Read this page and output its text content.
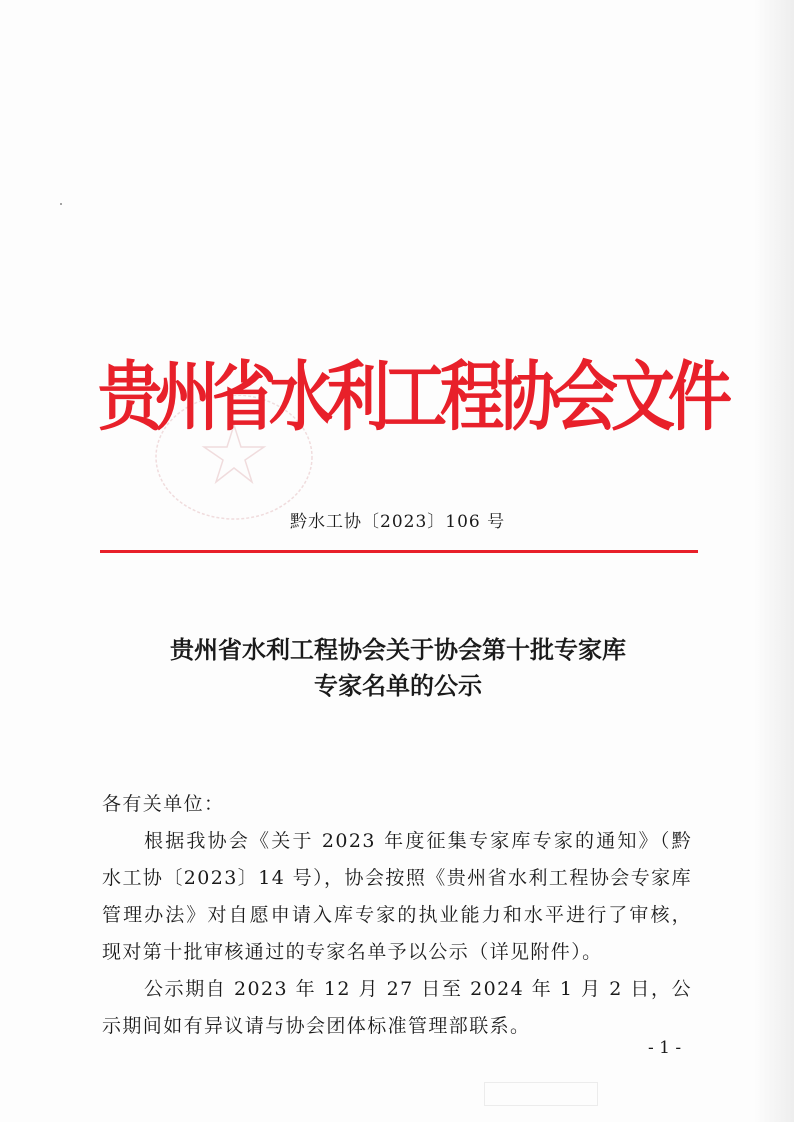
贵州省水利工程协会文件
黔水工协〔2023〕106 号
贵州省水利工程协会关于协会第十批专家库
专家名单的公示

各有关单位：

根据我协会《关于 2023 年度征集专家库专家的通知》（黔水工协〔2023〕14 号），协会按照《贵州省水利工程协会专家库管理办法》对自愿申请入库专家的执业能力和水平进行了审核，现对第十批审核通过的专家名单予以公示（详见附件）。

公示期自 2023 年 12 月 27 日至 2024 年 1 月 2 日，公示期间如有异议请与协会团体标准管理部联系。

- 1 -
